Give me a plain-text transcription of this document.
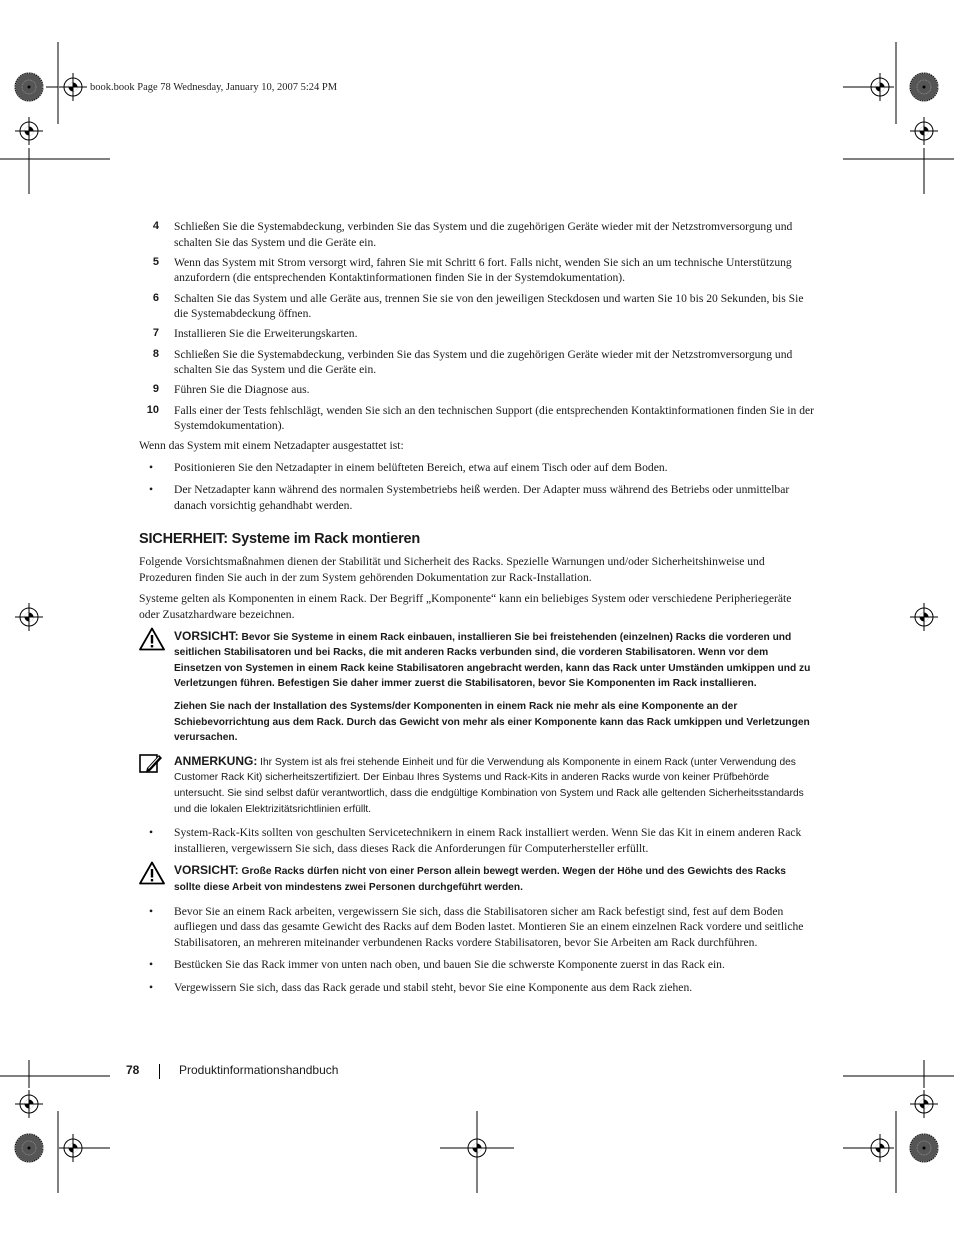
book.book Page 78 Wednesday, January 10, 2007 5:24 PM
4 Schließen Sie die Systemabdeckung, verbinden Sie das System und die zugehörigen Geräte wieder mit der Netzstromversorgung und schalten Sie das System und die Geräte ein.
5 Wenn das System mit Strom versorgt wird, fahren Sie mit Schritt 6 fort. Falls nicht, wenden Sie sich an um technische Unterstützung anzufordern (die entsprechenden Kontaktinformationen finden Sie in der Systemdokumentation).
6 Schalten Sie das System und alle Geräte aus, trennen Sie sie von den jeweiligen Steckdosen und warten Sie 10 bis 20 Sekunden, bis Sie die Systemabdeckung öffnen.
7 Installieren Sie die Erweiterungskarten.
8 Schließen Sie die Systemabdeckung, verbinden Sie das System und die zugehörigen Geräte wieder mit der Netzstromversorgung und schalten Sie das System und die Geräte ein.
9 Führen Sie die Diagnose aus.
10 Falls einer der Tests fehlschlägt, wenden Sie sich an den technischen Support (die entsprechenden Kontaktinformationen finden Sie in der Systemdokumentation).

Wenn das System mit einem Netzadapter ausgestattet ist:

• Positionieren Sie den Netzadapter in einem belüfteten Bereich, etwa auf einem Tisch oder auf dem Boden.
• Der Netzadapter kann während des normalen Systembetriebs heiß werden. Der Adapter muss während des Betriebs oder unmittelbar danach vorsichtig gehandhabt werden.
SICHERHEIT: Systeme im Rack montieren

Folgende Vorsichtsmaßnahmen dienen der Stabilität und Sicherheit des Racks. Spezielle Warnungen und/oder Sicherheitshinweise und Prozeduren finden Sie auch in der zum System gehörenden Dokumentation zur Rack-Installation.

Systeme gelten als Komponenten in einem Rack. Der Begriff „Komponente“ kann ein beliebiges System oder verschiedene Peripheriegeräte oder Zusatzhardware bezeichnen.

VORSICHT: Bevor Sie Systeme in einem Rack einbauen, installieren Sie bei freistehenden (einzelnen) Racks die vorderen und seitlichen Stabilisatoren und bei Racks, die mit anderen Racks verbunden sind, die vorderen Stabilisatoren. Wenn vor dem Einsetzen von Systemen in einem Rack keine Stabilisatoren angebracht werden, kann das Rack unter Umständen umkippen und zu Verletzungen führen. Befestigen Sie daher immer zuerst die Stabilisatoren, bevor Sie Komponenten im Rack installieren.

Ziehen Sie nach der Installation des Systems/der Komponenten in einem Rack nie mehr als eine Komponente an der Schiebevorrichtung aus dem Rack. Durch das Gewicht von mehr als einer Komponente kann das Rack umkippen und Verletzungen verursachen.

ANMERKUNG: Ihr System ist als frei stehende Einheit und für die Verwendung als Komponente in einem Rack (unter Verwendung des Customer Rack Kit) sicherheitszertifiziert. Der Einbau Ihres Systems und Rack-Kits in anderen Racks wurde von keiner Prüfbehörde untersucht. Sie sind selbst dafür verantwortlich, dass die endgültige Kombination von System und Rack alle geltenden Sicherheitsstandards und die lokalen Elektrizitätsrichtlinien erfüllt.

• System-Rack-Kits sollten von geschulten Servicetechnikern in einem Rack installiert werden. Wenn Sie das Kit in einem anderen Rack installieren, vergewissern Sie sich, dass dieses Rack die Anforderungen für Computerhersteller erfüllt.

VORSICHT: Große Racks dürfen nicht von einer Person allein bewegt werden. Wegen der Höhe und des Gewichts des Racks sollte diese Arbeit von mindestens zwei Personen durchgeführt werden.

• Bevor Sie an einem Rack arbeiten, vergewissern Sie sich, dass die Stabilisatoren sicher am Rack befestigt sind, fest auf dem Boden aufliegen und dass das gesamte Gewicht des Racks auf dem Boden lastet. Montieren Sie an einem einzelnen Rack vordere und seitliche Stabilisatoren, an mehreren miteinander verbundenen Racks vordere Stabilisatoren, bevor Sie Arbeiten am Rack durchführen.
• Bestücken Sie das Rack immer von unten nach oben, und bauen Sie die schwerste Komponente zuerst in das Rack ein.
• Vergewissern Sie sich, dass das Rack gerade und stabil steht, bevor Sie eine Komponente aus dem Rack ziehen.
78	Produktinformationshandbuch
